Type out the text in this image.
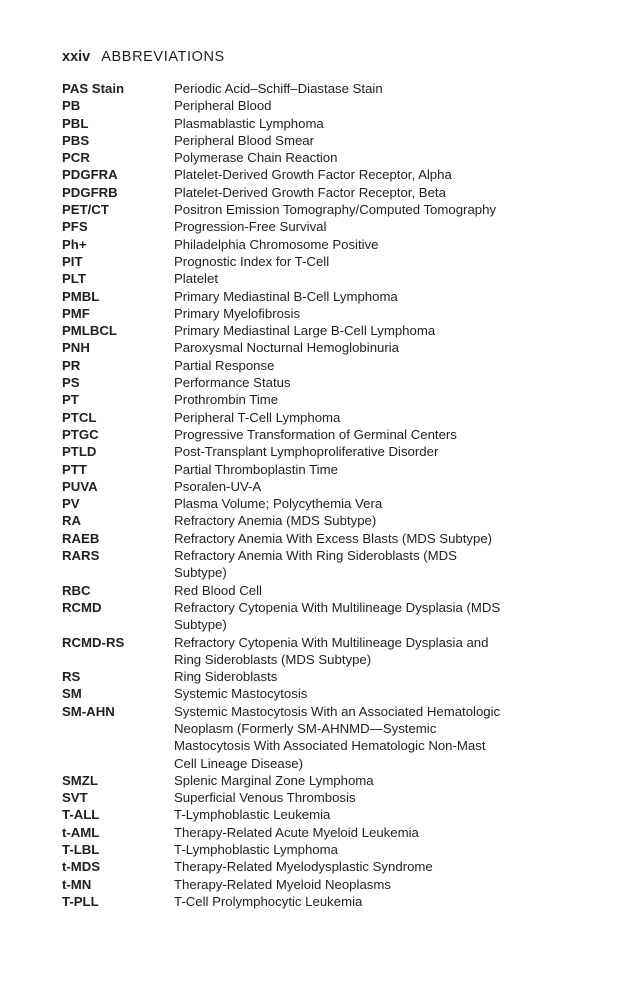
xxiv ABBREVIATIONS
PAS Stain	Periodic Acid–Schiff–Diastase Stain
PB	Peripheral Blood
PBL	Plasmablastic Lymphoma
PBS	Peripheral Blood Smear
PCR	Polymerase Chain Reaction
PDGFRA	Platelet-Derived Growth Factor Receptor, Alpha
PDGFRB	Platelet-Derived Growth Factor Receptor, Beta
PET/CT	Positron Emission Tomography/Computed Tomography
PFS	Progression-Free Survival
Ph+	Philadelphia Chromosome Positive
PIT	Prognostic Index for T-Cell
PLT	Platelet
PMBL	Primary Mediastinal B-Cell Lymphoma
PMF	Primary Myelofibrosis
PMLBCL	Primary Mediastinal Large B-Cell Lymphoma
PNH	Paroxysmal Nocturnal Hemoglobinuria
PR	Partial Response
PS	Performance Status
PT	Prothrombin Time
PTCL	Peripheral T-Cell Lymphoma
PTGC	Progressive Transformation of Germinal Centers
PTLD	Post-Transplant Lymphoproliferative Disorder
PTT	Partial Thromboplastin Time
PUVA	Psoralen-UV-A
PV	Plasma Volume; Polycythemia Vera
RA	Refractory Anemia (MDS Subtype)
RAEB	Refractory Anemia With Excess Blasts (MDS Subtype)
RARS	Refractory Anemia With Ring Sideroblasts (MDS
Subtype)
RBC	Red Blood Cell
RCMD	Refractory Cytopenia With Multilineage Dysplasia (MDS
Subtype)
RCMD-RS	Refractory Cytopenia With Multilineage Dysplasia and
Ring Sideroblasts (MDS Subtype)
RS	Ring Sideroblasts
SM	Systemic Mastocytosis
SM-AHN	Systemic Mastocytosis With an Associated Hematologic
Neoplasm (Formerly SM-AHNMD—Systemic
Mastocytosis With Associated Hematologic Non-Mast
Cell Lineage Disease)
SMZL	Splenic Marginal Zone Lymphoma
SVT	Superficial Venous Thrombosis
T-ALL	T-Lymphoblastic Leukemia
t-AML	Therapy-Related Acute Myeloid Leukemia
T-LBL	T-Lymphoblastic Lymphoma
t-MDS	Therapy-Related Myelodysplastic Syndrome
t-MN	Therapy-Related Myeloid Neoplasms
T-PLL	T-Cell Prolymphocytic Leukemia
